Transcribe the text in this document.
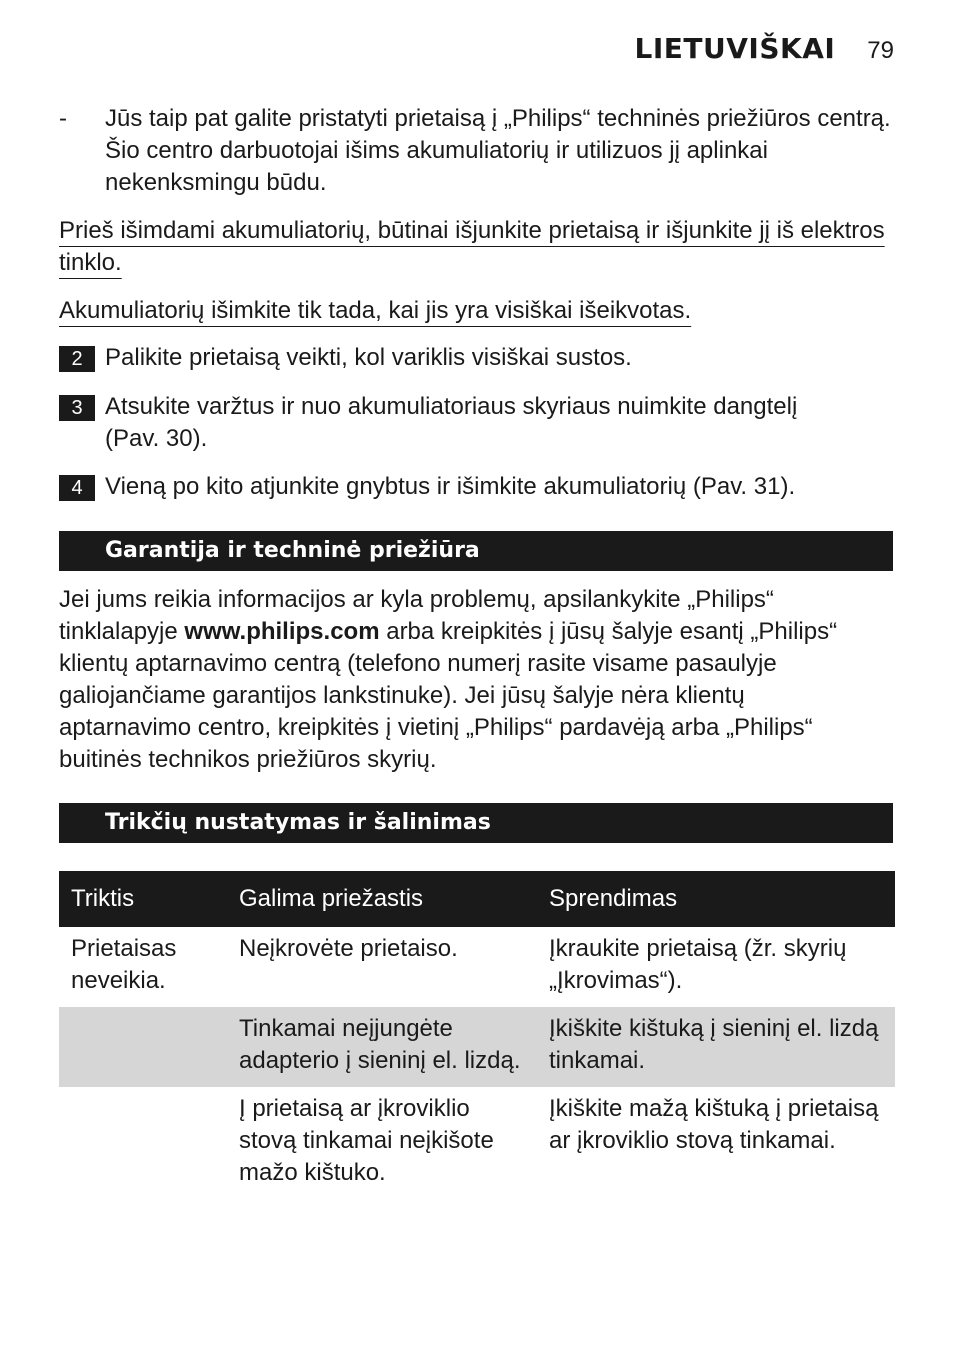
LIETUVIŠKAI 79
- Jūs taip pat galite pristatyti prietaisą į „Philips“ techninės priežiūros centrą. Šio centro darbuotojai išims akumuliatorių ir utilizuos jį aplinkai nekenksmingu būdu.
Prieš išimdami akumuliatorių, būtinai išjunkite prietaisą ir išjunkite jį iš elektros tinklo.
Akumuliatorių išimkite tik tada, kai jis yra visiškai išeikvotas.
2 Palikite prietaisą veikti, kol variklis visiškai sustos.
3 Atsukite varžtus ir nuo akumuliatoriaus skyriaus nuimkite dangtelį (Pav. 30).
4 Vieną po kito atjunkite gnybtus ir išimkite akumuliatorių (Pav. 31).
Garantija ir techninė priežiūra
Jei jums reikia informacijos ar kyla problemų, apsilankykite „Philips“ tinklalapyje www.philips.com arba kreipkitės į jūsų šalyje esantį „Philips“ klientų aptarnavimo centrą (telefono numerį rasite visame pasaulyje galiojančiame garantijos lankstinuke). Jei jūsų šalyje nėra klientų aptarnavimo centro, kreipkitės į vietinį „Philips“ pardavėją arba „Philips“ buitinės technikos priežiūros skyrių.
Trikčių nustatymas ir šalinimas
Triktis	Galima priežastis	Sprendimas
Prietaisas neveikia.	Neįkrovėte prietaiso.	Įkraukite prietaisą (žr. skyrių „Įkrovimas“).
	Tinkamai neįjungėte adapterio į sieninį el. lizdą.	Įkiškite kištuką į sieninį el. lizdą tinkamai.
	Į prietaisą ar įkroviklio stovą tinkamai neįkišote mažo kištuko.	Įkiškite mažą kištuką į prietaisą ar įkroviklio stovą tinkamai.
